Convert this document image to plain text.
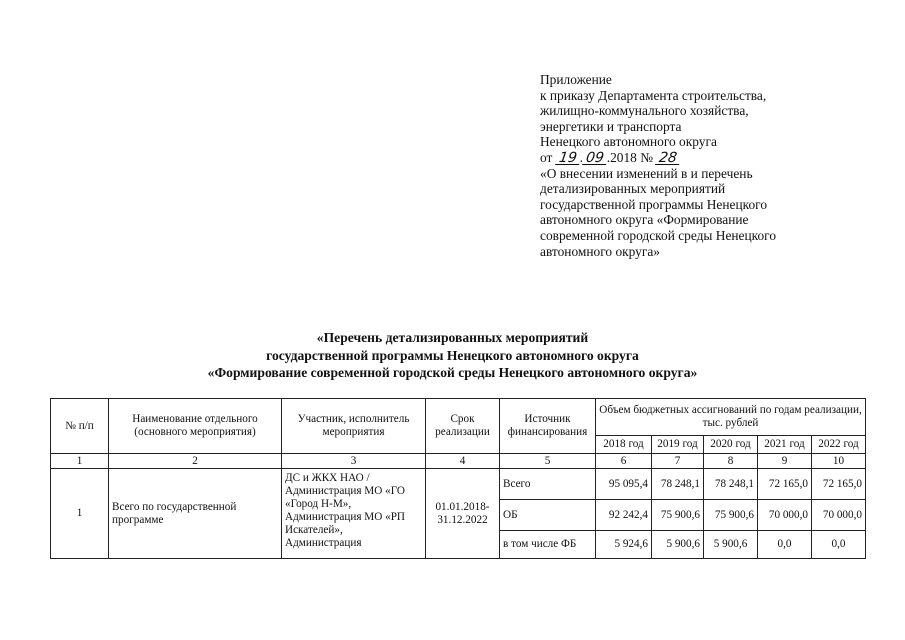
Приложение
к приказу Департамента строительства,
жилищно-коммунального хозяйства,
энергетики и транспорта
Ненецкого автономного округа
от 19 . 09 .2018 № 28
«О внесении изменений в и перечень
детализированных мероприятий
государственной программы Ненецкого
автономного округа «Формирование
современной городской среды Ненецкого
автономного округа»
«Перечень детализированных мероприятий
государственной программы Ненецкого автономного округа
«Формирование современной городской среды Ненецкого автономного округа»
№ п/п	Наименование отдельного (основного мероприятия)	Участник, исполнитель мероприятия	Срок реализации	Источник финансирования	Объем бюджетных ассигнований по годам реализации, тыс. рублей				
					2018 год	2019 год	2020 год	2021 год	2022 год
1	2	3	4	5	6	7	8	9	10
1	Всего по государственной программе	ДС и ЖКХ НАО / Администрация МО «ГО «Город Н-М», Администрация МО «РП Искателей», Администрация	01.01.2018-31.12.2022	Всего	95 095,4	78 248,1	78 248,1	72 165,0	72 165,0
				ОБ	92 242,4	75 900,6	75 900,6	70 000,0	70 000,0
				в том числе ФБ	5 924,6	5 900,6	5 900,6	0,0	0,0
